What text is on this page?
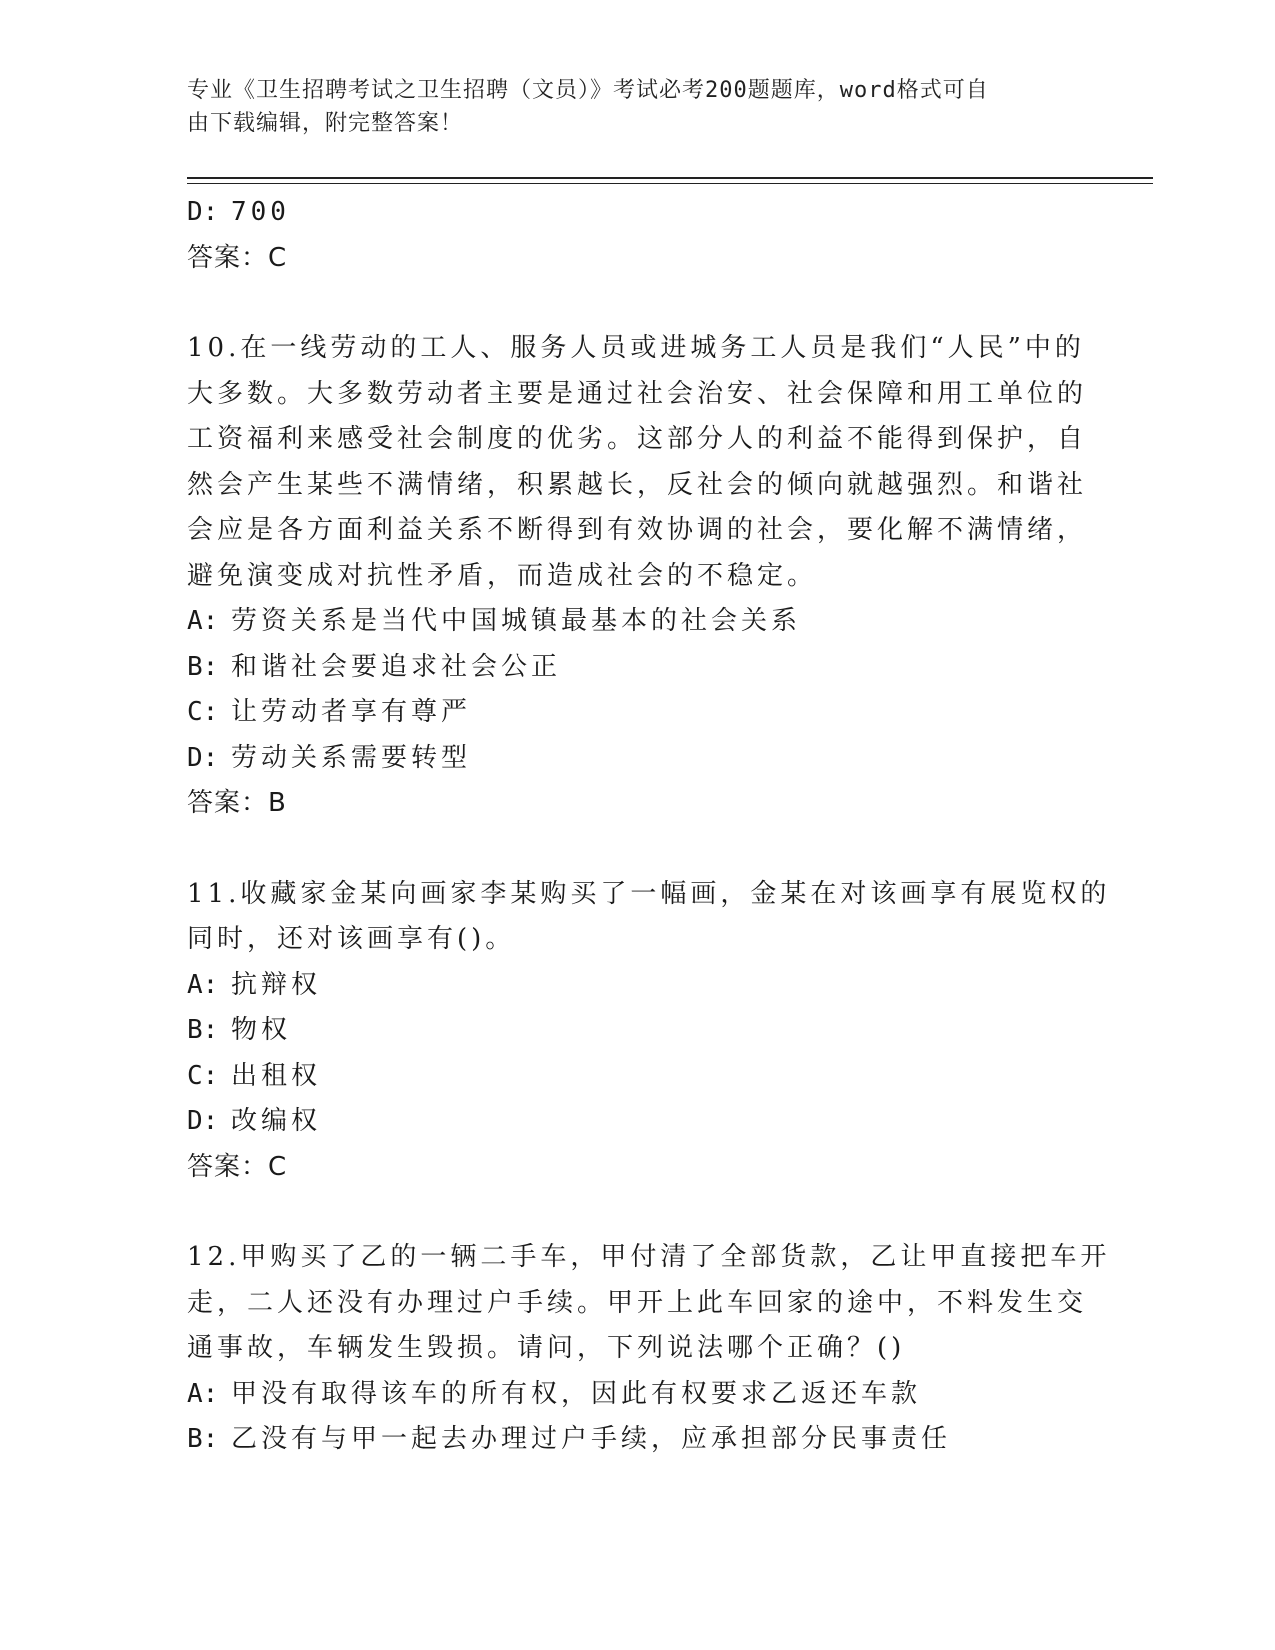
专业《卫生招聘考试之卫生招聘（文员）》考试必考200题题库，word格式可自
由下载编辑，附完整答案！

D: 700

答案：C

10.在一线劳动的工人、服务人员或进城务工人员是我们“人民”中的

大多数。大多数劳动者主要是通过社会治安、社会保障和用工单位的

工资福利来感受社会制度的优劣。这部分人的利益不能得到保护，自

然会产生某些不满情绪，积累越长，反社会的倾向就越强烈。和谐社

会应是各方面利益关系不断得到有效协调的社会，要化解不满情绪，

避免演变成对抗性矛盾，而造成社会的不稳定。

A: 劳资关系是当代中国城镇最基本的社会关系

B: 和谐社会要追求社会公正

C: 让劳动者享有尊严

D: 劳动关系需要转型

答案：B

11.收藏家金某向画家李某购买了一幅画，金某在对该画享有展览权的

同时，还对该画享有()。

A: 抗辩权

B: 物权

C: 出租权

D: 改编权

答案：C

12.甲购买了乙的一辆二手车，甲付清了全部货款，乙让甲直接把车开

走，二人还没有办理过户手续。甲开上此车回家的途中，不料发生交

通事故，车辆发生毁损。请问，下列说法哪个正确？()

A: 甲没有取得该车的所有权，因此有权要求乙返还车款

B: 乙没有与甲一起去办理过户手续，应承担部分民事责任
